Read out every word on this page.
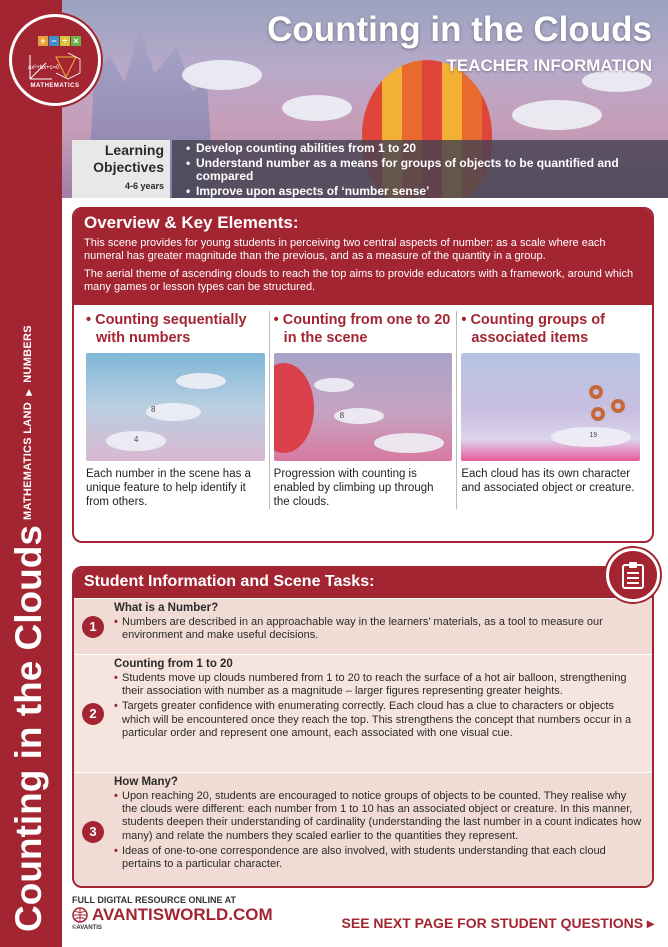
MATHEMATICS LAND ▶ NUMBERS
Counting in the Clouds
Counting in the Clouds
TEACHER INFORMATION
+ − ÷ ×
ax²+bx+c=0
MATHEMATICS
Learning
Objectives
4-6 years
• Develop counting abilities from 1 to 20
• Understand number as a means for groups of objects to be quantified and compared
• Improve upon aspects of ‘number sense’
Overview & Key Elements:

This scene provides for young students in perceiving two central aspects of number: as a scale where each numeral has greater magnitude than the previous, and as a measure of the quantity in a group.

The aerial theme of ascending clouds to reach the top aims to provide educators with a framework, around which many games or lesson types can be structured.

• Counting sequentially with numbers
8
4
Each number in the scene has a unique feature to help identify it from others.
• Counting from one to 20 in the scene
8
Progression with counting is enabled by climbing up through the clouds.
• Counting groups of associated items
19
Each cloud has its own character and associated object or creature.
Student Information and Scene Tasks:
1
What is a Number?
• Numbers are described in an approachable way in the learners’ materials, as a tool to measure our environment and make useful decisions.
2
Counting from 1 to 20
• Students move up clouds numbered from 1 to 20 to reach the surface of a hot air balloon, strengthening their association with number as a magnitude – larger figures representing greater heights.
• Targets greater confidence with enumerating correctly. Each cloud has a clue to characters or objects which will be encountered once they reach the top. This strengthens the concept that numbers occur in a particular order and represent one amount, each associated with one visual cue.
3
How Many?
• Upon reaching 20, students are encouraged to notice groups of objects to be counted. They realise why the clouds were different: each number from 1 to 10 has an associated object or creature. In this manner, students deepen their understanding of cardinality (understanding the last number in a count indicates how many) and relate the numbers they scaled earlier to the quantities they represent.
• Ideas of one-to-one correspondence are also involved, with students understanding that each cloud pertains to a particular character.
FULL DIGITAL RESOURCE ONLINE AT
AVANTISWORLD.COM
©AVANTIS	SEE NEXT PAGE FOR STUDENT QUESTIONS ▸
